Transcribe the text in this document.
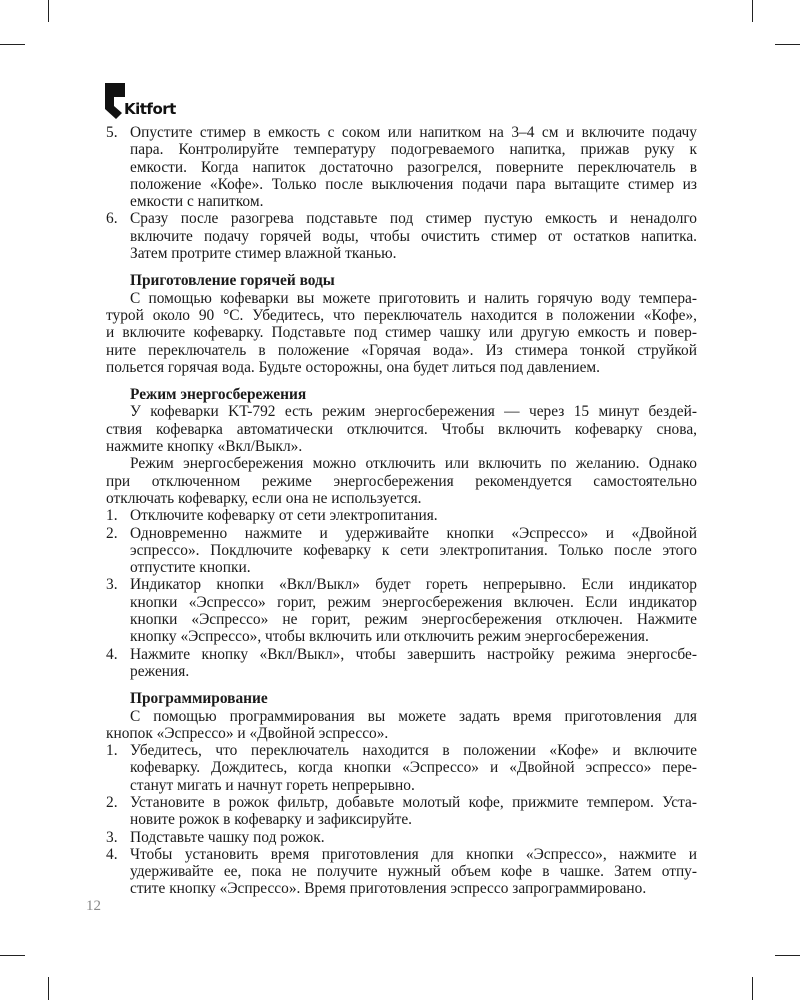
Kitfort
5. Опустите стимер в емкость с соком или напитком на 3–4 см и включите подачу
пара. Контролируйте температуру подогреваемого напитка, прижав руку к
емкости. Когда напиток достаточно разогрелся, поверните переключатель в
положение «Кофе». Только после выключения подачи пара вытащите стимер из
емкости с напитком.
6. Сразу после разогрева подставьте под стимер пустую емкость и ненадолго
включите подачу горячей воды, чтобы очистить стимер от остатков напитка.
Затем протрите стимер влажной тканью.
Приготовление горячей воды
С помощью кофеварки вы можете приготовить и налить горячую воду темпера-
турой около 90 °C. Убедитесь, что переключатель находится в положении «Кофе»,
и включите кофеварку. Подставьте под стимер чашку или другую емкость и повер-
ните переключатель в положение «Горячая вода». Из стимера тонкой струйкой
польется горячая вода. Будьте осторожны, она будет литься под давлением.
Режим энергосбережения
У кофеварки KT-792 есть режим энергосбережения — через 15 минут бездей-
ствия кофеварка автоматически отключится. Чтобы включить кофеварку снова,
нажмите кнопку «Вкл/Выкл».
Режим энергосбережения можно отключить или включить по желанию. Однако
при отключенном режиме энергосбережения рекомендуется самостоятельно
отключать кофеварку, если она не используется.
1. Отключите кофеварку от сети электропитания.
2. Одновременно нажмите и удерживайте кнопки «Эспрессо» и «Двойной
эспрессо». Покдлючите кофеварку к сети электропитания. Только после этого
отпустите кнопки.
3. Индикатор кнопки «Вкл/Выкл» будет гореть непрерывно. Если индикатор
кнопки «Эспрессо» горит, режим энергосбережения включен. Если индикатор
кнопки «Эспрессо» не горит, режим энергосбережения отключен. Нажмите
кнопку «Эспрессо», чтобы включить или отключить режим энергосбережения.
4. Нажмите кнопку «Вкл/Выкл», чтобы завершить настройку режима энергосбе-
режения.
Программирование
С помощью программирования вы можете задать время приготовления для
кнопок «Эспрессо» и «Двойной эспрессо».
1. Убедитесь, что переключатель находится в положении «Кофе» и включите
кофеварку. Дождитесь, когда кнопки «Эспрессо» и «Двойной эспрессо» пере-
станут мигать и начнут гореть непрерывно.
2. Установите в рожок фильтр, добавьте молотый кофе, прижмите темпером. Уста-
новите рожок в кофеварку и зафиксируйте.
3. Подставьте чашку под рожок.
4. Чтобы установить время приготовления для кнопки «Эспрессо», нажмите и
удерживайте ее, пока не получите нужный объем кофе в чашке. Затем отпу-
стите кнопку «Эспрессо». Время приготовления эспрессо запрограммировано.
12
